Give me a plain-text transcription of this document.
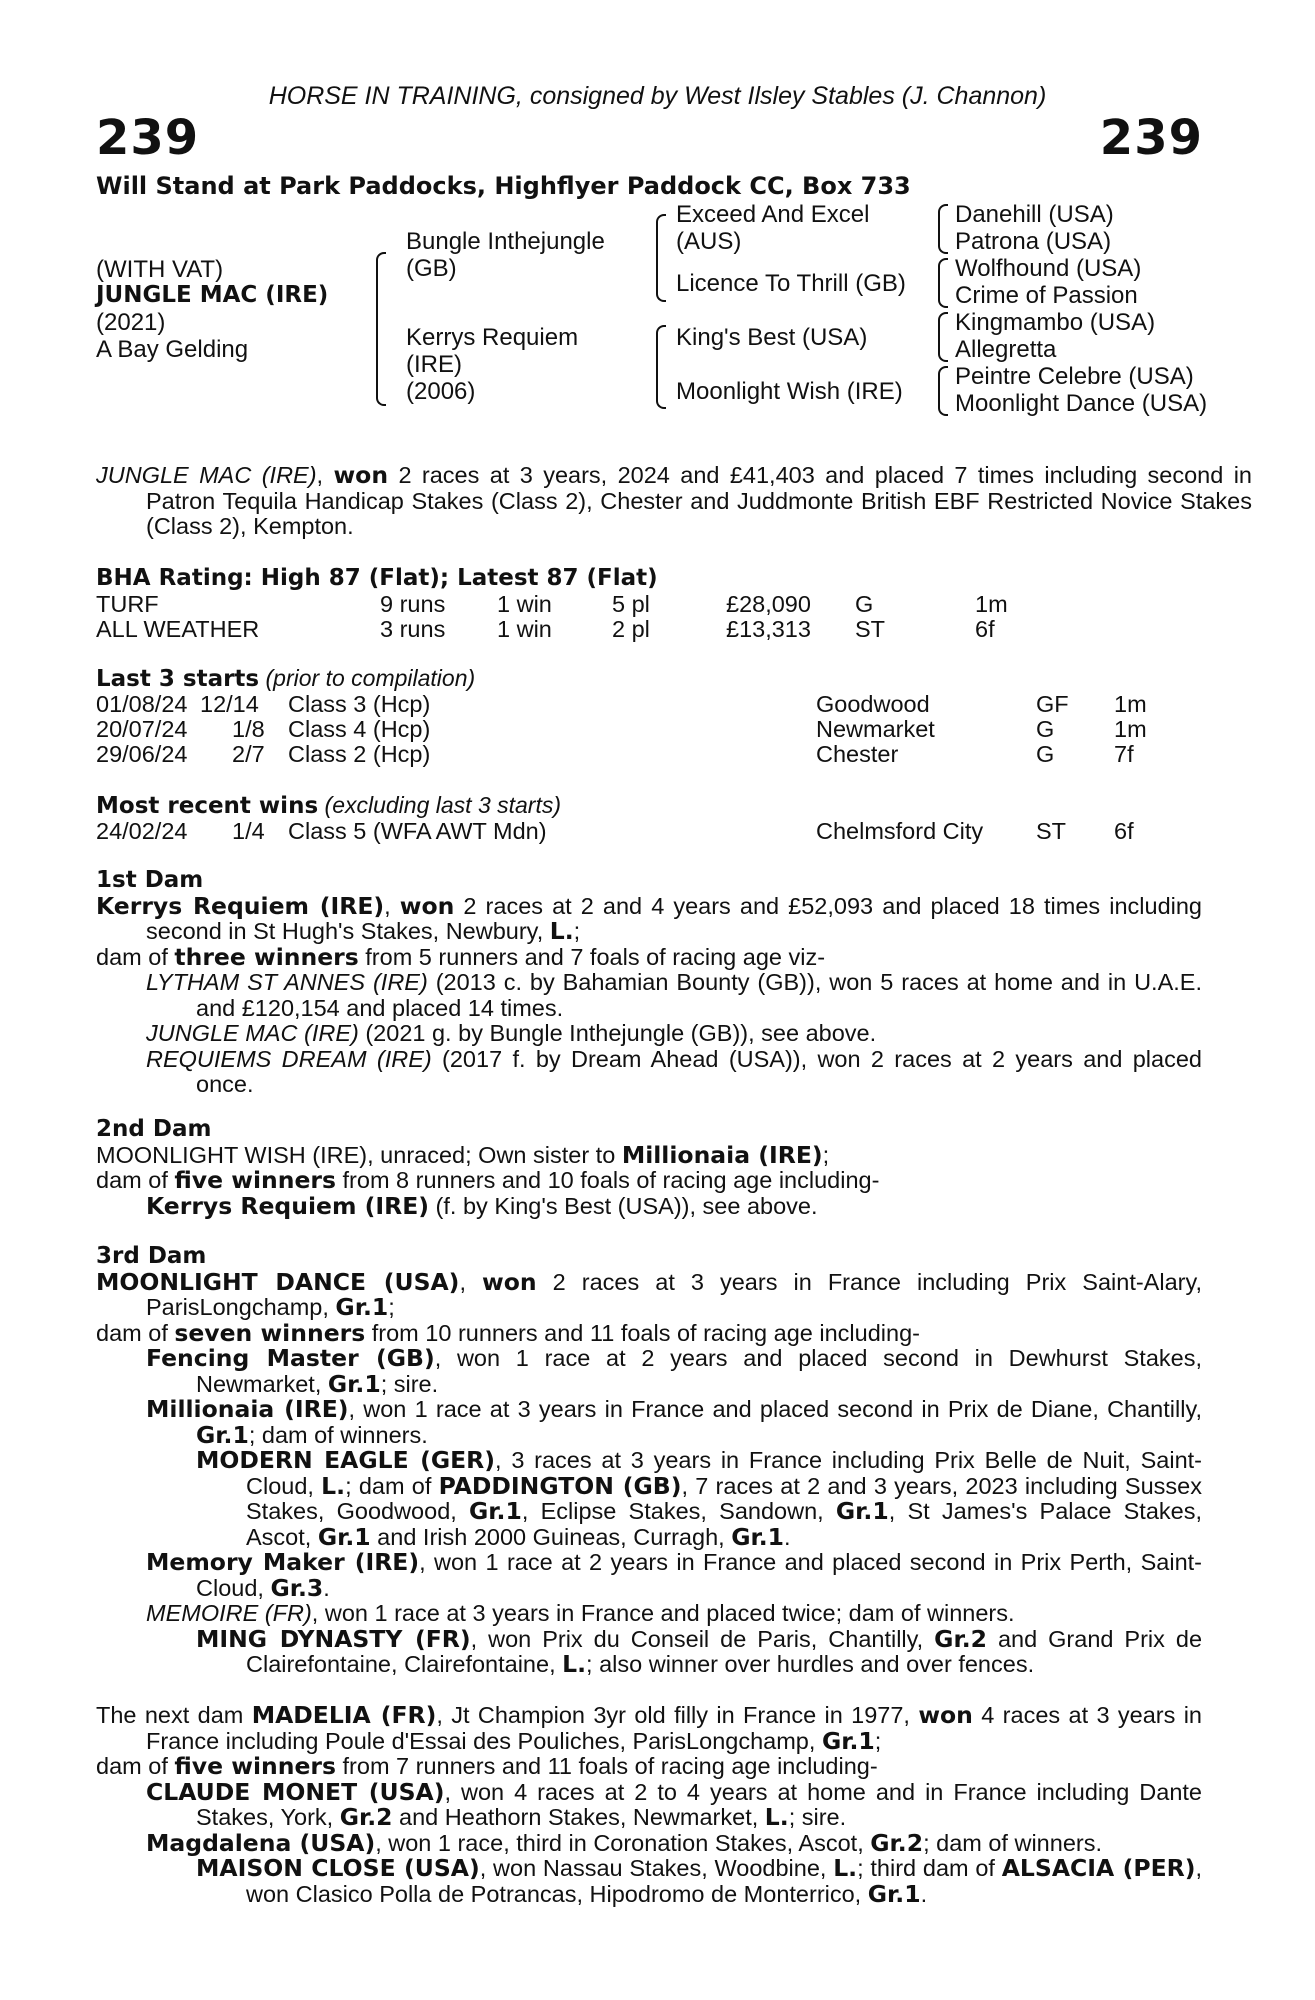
HORSE IN TRAINING, consigned by West Ilsley Stables (J. Channon)
239	239
Will Stand at Park Paddocks, Highflyer Paddock CC, Box 733
(WITH VAT)
JUNGLE MAC (IRE)
(2021)
A Bay Gelding
Bungle Inthejungle
(GB)
Kerrys Requiem
(IRE)
(2006)
Exceed And Excel
(AUS)
Licence To Thrill (GB)
King's Best (USA)
Moonlight Wish (IRE)
Danehill (USA)
Patrona (USA)
Wolfhound (USA)
Crime of Passion
Kingmambo (USA)
Allegretta
Peintre Celebre (USA)
Moonlight Dance (USA)
JUNGLE MAC (IRE), won 2 races at 3 years, 2024 and £41,403 and placed 7 times including second in Patron Tequila Handicap Stakes (Class 2), Chester and Juddmonte British EBF Restricted Novice Stakes (Class 2), Kempton.
BHA Rating: High 87 (Flat); Latest 87 (Flat)
TURF	9 runs 1 win	5 pl	£28,090 G	1m
ALL WEATHER	3 runs 1 win	2 pl	£13,313 ST	6f
Last 3 starts (prior to compilation)
01/08/24 12/14 Class 3 (Hcp)	Goodwood	GF 1m
20/07/24 1/8 Class 4 (Hcp)	Newmarket	G	1m
29/06/24 2/7 Class 2 (Hcp)	Chester	G	7f
Most recent wins (excluding last 3 starts)
24/02/24 1/4 Class 5 (WFA AWT Mdn)	Chelmsford City ST 6f
1st Dam
Kerrys Requiem (IRE), won 2 races at 2 and 4 years and £52,093 and placed 18 times including second in St Hugh's Stakes, Newbury, L.;
dam of three winners from 5 runners and 7 foals of racing age viz-
LYTHAM ST ANNES (IRE) (2013 c. by Bahamian Bounty (GB)), won 5 races at home and in U.A.E. and £120,154 and placed 14 times.
JUNGLE MAC (IRE) (2021 g. by Bungle Inthejungle (GB)), see above.
REQUIEMS DREAM (IRE) (2017 f. by Dream Ahead (USA)), won 2 races at 2 years and placed once.
2nd Dam
MOONLIGHT WISH (IRE), unraced; Own sister to Millionaia (IRE);
dam of five winners from 8 runners and 10 foals of racing age including-
Kerrys Requiem (IRE) (f. by King's Best (USA)), see above.
3rd Dam
MOONLIGHT DANCE (USA), won 2 races at 3 years in France including Prix Saint-Alary, ParisLongchamp, Gr.1;
dam of seven winners from 10 runners and 11 foals of racing age including-
Fencing Master (GB), won 1 race at 2 years and placed second in Dewhurst Stakes, Newmarket, Gr.1; sire.
Millionaia (IRE), won 1 race at 3 years in France and placed second in Prix de Diane, Chantilly, Gr.1; dam of winners.
MODERN EAGLE (GER), 3 races at 3 years in France including Prix Belle de Nuit, Saint-Cloud, L.; dam of PADDINGTON (GB), 7 races at 2 and 3 years, 2023 including Sussex Stakes, Goodwood, Gr.1, Eclipse Stakes, Sandown, Gr.1, St James's Palace Stakes, Ascot, Gr.1 and Irish 2000 Guineas, Curragh, Gr.1.
Memory Maker (IRE), won 1 race at 2 years in France and placed second in Prix Perth, Saint-Cloud, Gr.3.
MEMOIRE (FR), won 1 race at 3 years in France and placed twice; dam of winners.
MING DYNASTY (FR), won Prix du Conseil de Paris, Chantilly, Gr.2 and Grand Prix de Clairefontaine, Clairefontaine, L.; also winner over hurdles and over fences.
The next dam MADELIA (FR), Jt Champion 3yr old filly in France in 1977, won 4 races at 3 years in France including Poule d'Essai des Pouliches, ParisLongchamp, Gr.1;
dam of five winners from 7 runners and 11 foals of racing age including-
CLAUDE MONET (USA), won 4 races at 2 to 4 years at home and in France including Dante Stakes, York, Gr.2 and Heathorn Stakes, Newmarket, L.; sire.
Magdalena (USA), won 1 race, third in Coronation Stakes, Ascot, Gr.2; dam of winners.
MAISON CLOSE (USA), won Nassau Stakes, Woodbine, L.; third dam of ALSACIA (PER), won Clasico Polla de Potrancas, Hipodromo de Monterrico, Gr.1.
